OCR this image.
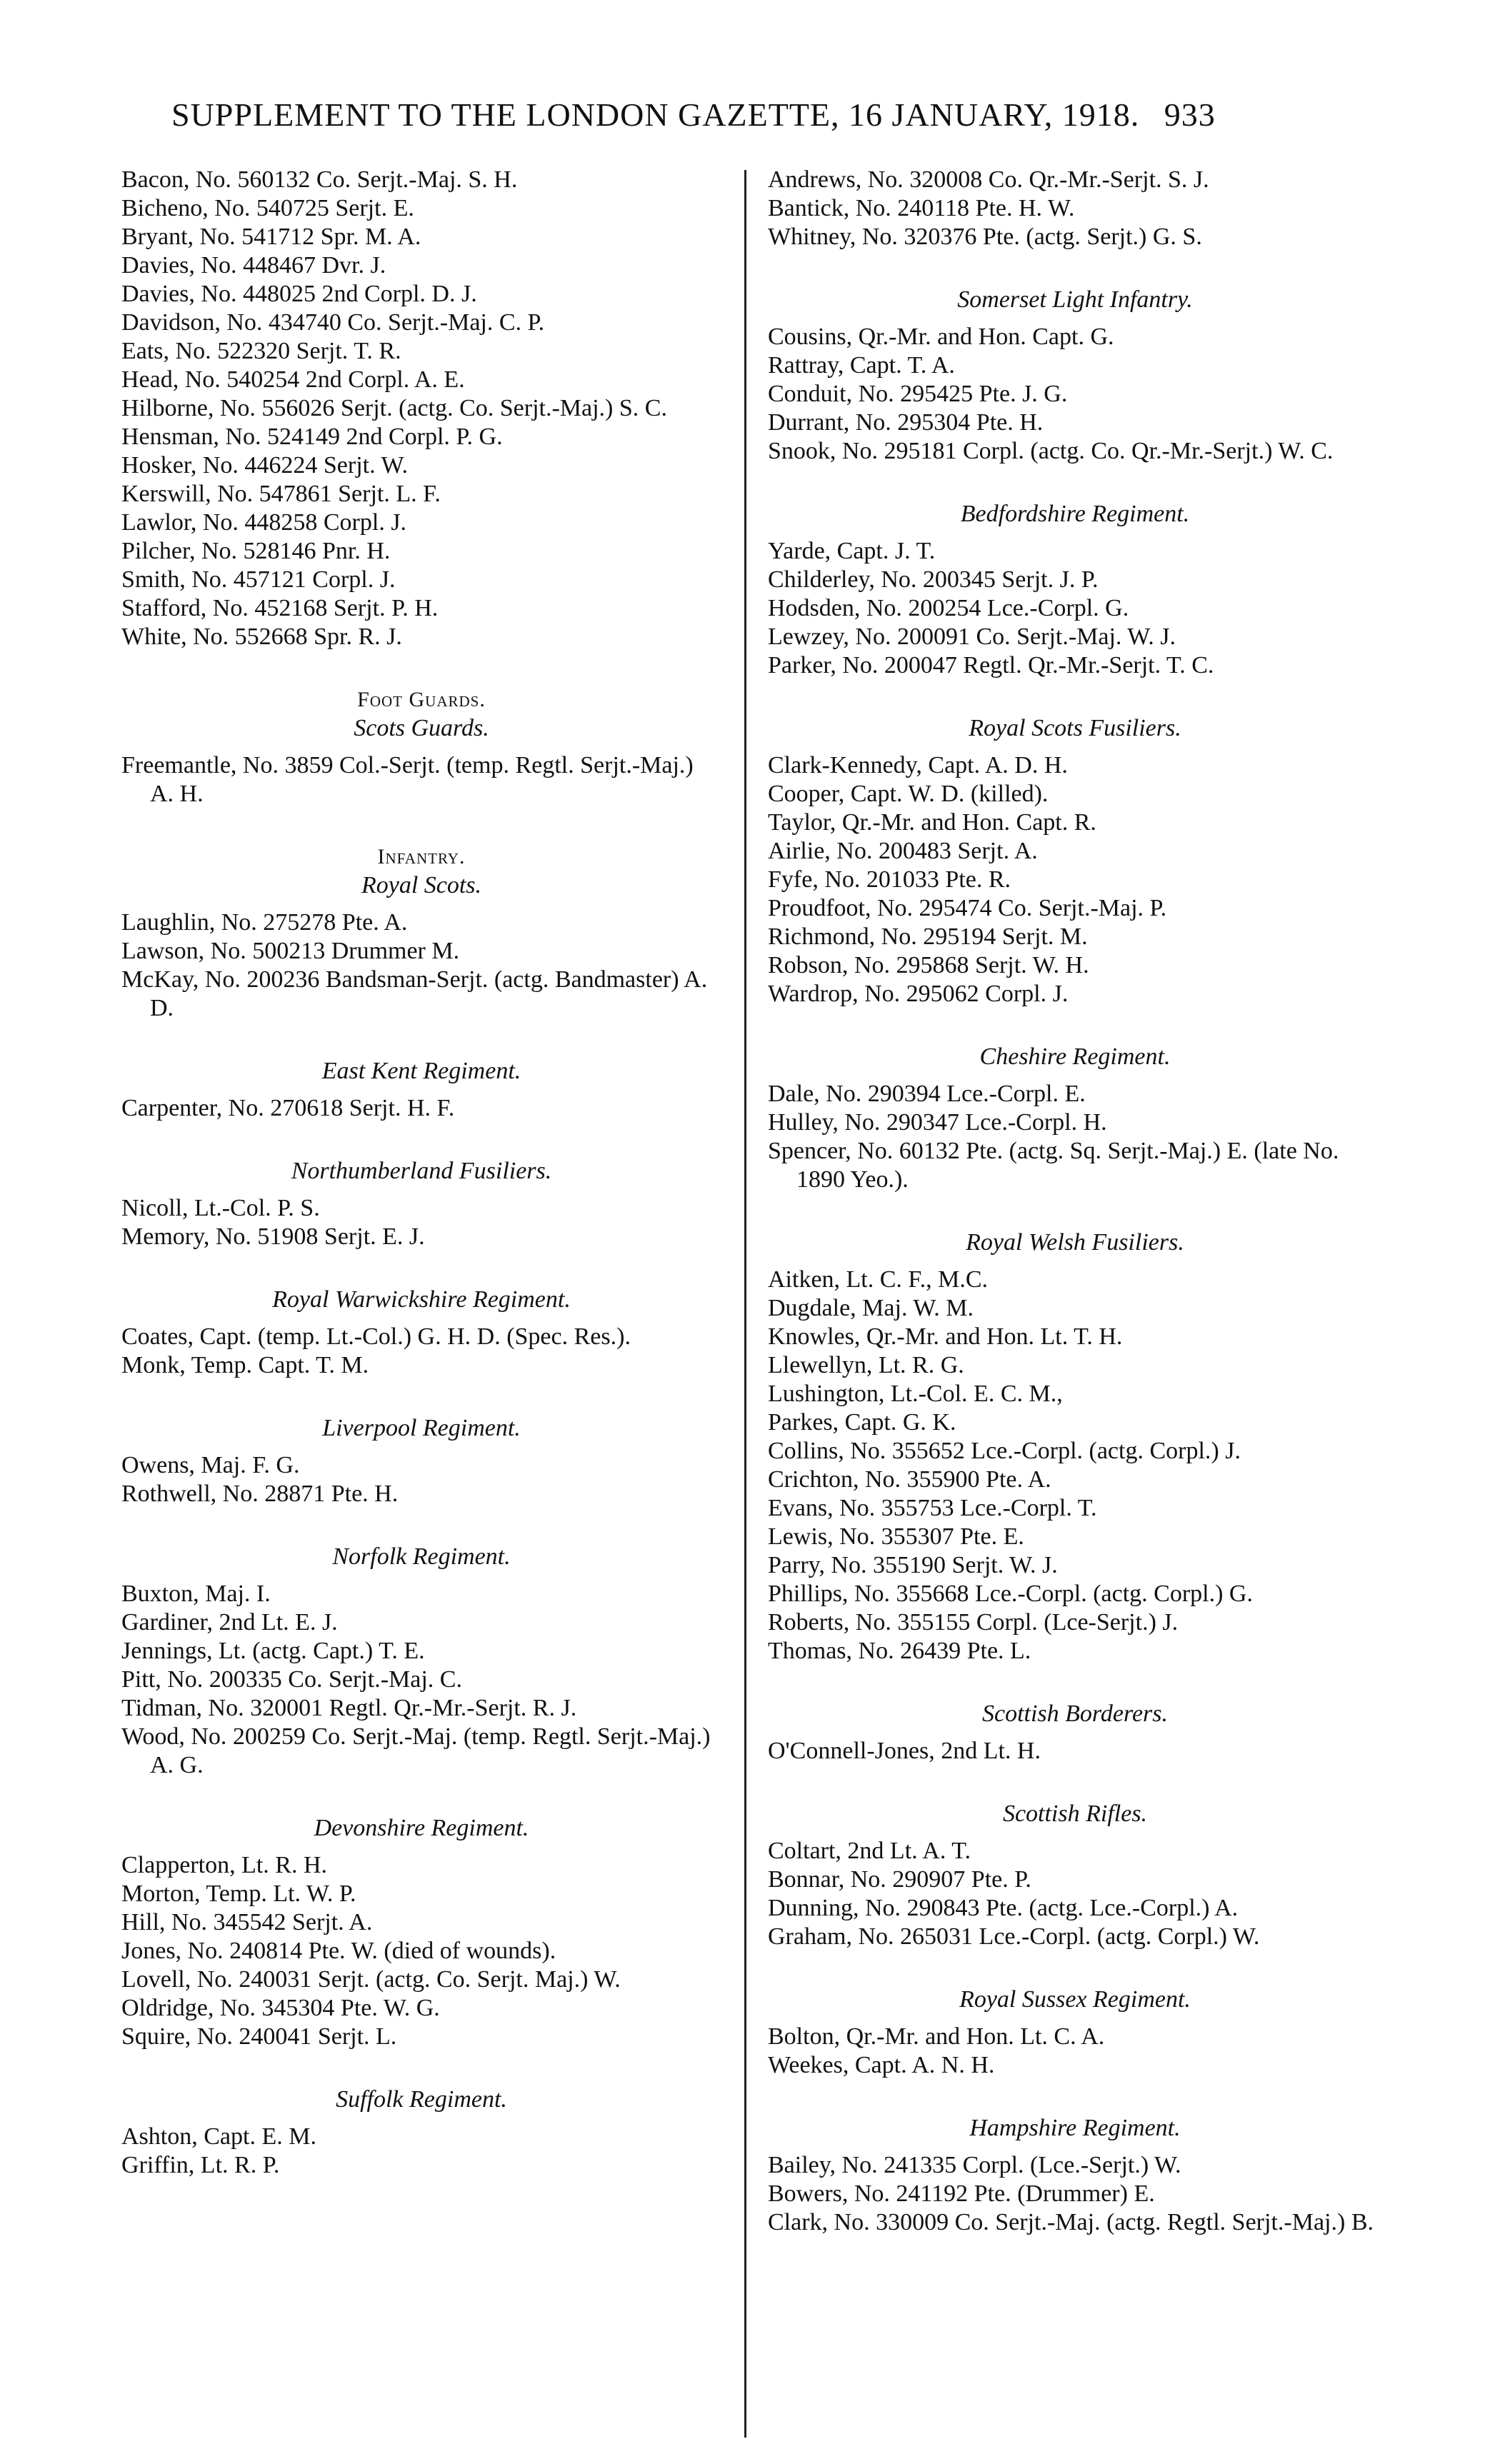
SUPPLEMENT TO THE LONDON GAZETTE, 16 JANUARY, 1918. 933
Bacon, No. 560132 Co. Serjt.-Maj. S. H.
Bicheno, No. 540725 Serjt. E.
Bryant, No. 541712 Spr. M. A.
Davies, No. 448467 Dvr. J.
Davies, No. 448025 2nd Corpl. D. J.
Davidson, No. 434740 Co. Serjt.-Maj. C. P.
Eats, No. 522320 Serjt. T. R.
Head, No. 540254 2nd Corpl. A. E.
Hilborne, No. 556026 Serjt. (actg. Co. Serjt.-Maj.) S. C.
Hensman, No. 524149 2nd Corpl. P. G.
Hosker, No. 446224 Serjt. W.
Kerswill, No. 547861 Serjt. L. F.
Lawlor, No. 448258 Corpl. J.
Pilcher, No. 528146 Pnr. H.
Smith, No. 457121 Corpl. J.
Stafford, No. 452168 Serjt. P. H.
White, No. 552668 Spr. R. J.
Foot Guards.
Scots Guards.
Freemantle, No. 3859 Col.-Serjt. (temp. Regtl. Serjt.-Maj.) A. H.
Infantry.
Royal Scots.
Laughlin, No. 275278 Pte. A.
Lawson, No. 500213 Drummer M.
McKay, No. 200236 Bandsman-Serjt. (actg. Bandmaster) A. D.
East Kent Regiment.
Carpenter, No. 270618 Serjt. H. F.
Northumberland Fusiliers.
Nicoll, Lt.-Col. P. S.
Memory, No. 51908 Serjt. E. J.
Royal Warwickshire Regiment.
Coates, Capt. (temp. Lt.-Col.) G. H. D. (Spec. Res.).
Monk, Temp. Capt. T. M.
Liverpool Regiment.
Owens, Maj. F. G.
Rothwell, No. 28871 Pte. H.
Norfolk Regiment.
Buxton, Maj. I.
Gardiner, 2nd Lt. E. J.
Jennings, Lt. (actg. Capt.) T. E.
Pitt, No. 200335 Co. Serjt.-Maj. C.
Tidman, No. 320001 Regtl. Qr.-Mr.-Serjt. R. J.
Wood, No. 200259 Co. Serjt.-Maj. (temp. Regtl. Serjt.-Maj.) A. G.
Devonshire Regiment.
Clapperton, Lt. R. H.
Morton, Temp. Lt. W. P.
Hill, No. 345542 Serjt. A.
Jones, No. 240814 Pte. W. (died of wounds).
Lovell, No. 240031 Serjt. (actg. Co. Serjt. Maj.) W.
Oldridge, No. 345304 Pte. W. G.
Squire, No. 240041 Serjt. L.
Suffolk Regiment.
Ashton, Capt. E. M.
Griffin, Lt. R. P.
Andrews, No. 320008 Co. Qr.-Mr.-Serjt. S. J.
Bantick, No. 240118 Pte. H. W.
Whitney, No. 320376 Pte. (actg. Serjt.) G. S.
Somerset Light Infantry.
Cousins, Qr.-Mr. and Hon. Capt. G.
Rattray, Capt. T. A.
Conduit, No. 295425 Pte. J. G.
Durrant, No. 295304 Pte. H.
Snook, No. 295181 Corpl. (actg. Co. Qr.-Mr.-Serjt.) W. C.
Bedfordshire Regiment.
Yarde, Capt. J. T.
Childerley, No. 200345 Serjt. J. P.
Hodsden, No. 200254 Lce.-Corpl. G.
Lewzey, No. 200091 Co. Serjt.-Maj. W. J.
Parker, No. 200047 Regtl. Qr.-Mr.-Serjt. T. C.
Royal Scots Fusiliers.
Clark-Kennedy, Capt. A. D. H.
Cooper, Capt. W. D. (killed).
Taylor, Qr.-Mr. and Hon. Capt. R.
Airlie, No. 200483 Serjt. A.
Fyfe, No. 201033 Pte. R.
Proudfoot, No. 295474 Co. Serjt.-Maj. P.
Richmond, No. 295194 Serjt. M.
Robson, No. 295868 Serjt. W. H.
Wardrop, No. 295062 Corpl. J.
Cheshire Regiment.
Dale, No. 290394 Lce.-Corpl. E.
Hulley, No. 290347 Lce.-Corpl. H.
Spencer, No. 60132 Pte. (actg. Sq. Serjt.-Maj.) E. (late No. 1890 Yeo.).
Royal Welsh Fusiliers.
Aitken, Lt. C. F., M.C.
Dugdale, Maj. W. M.
Knowles, Qr.-Mr. and Hon. Lt. T. H.
Llewellyn, Lt. R. G.
Lushington, Lt.-Col. E. C. M.,
Parkes, Capt. G. K.
Collins, No. 355652 Lce.-Corpl. (actg. Corpl.) J.
Crichton, No. 355900 Pte. A.
Evans, No. 355753 Lce.-Corpl. T.
Lewis, No. 355307 Pte. E.
Parry, No. 355190 Serjt. W. J.
Phillips, No. 355668 Lce.-Corpl. (actg. Corpl.) G.
Roberts, No. 355155 Corpl. (Lce-Serjt.) J.
Thomas, No. 26439 Pte. L.
Scottish Borderers.
O'Connell-Jones, 2nd Lt. H.
Scottish Rifles.
Coltart, 2nd Lt. A. T.
Bonnar, No. 290907 Pte. P.
Dunning, No. 290843 Pte. (actg. Lce.-Corpl.) A.
Graham, No. 265031 Lce.-Corpl. (actg. Corpl.) W.
Royal Sussex Regiment.
Bolton, Qr.-Mr. and Hon. Lt. C. A.
Weekes, Capt. A. N. H.
Hampshire Regiment.
Bailey, No. 241335 Corpl. (Lce.-Serjt.) W.
Bowers, No. 241192 Pte. (Drummer) E.
Clark, No. 330009 Co. Serjt.-Maj. (actg. Regtl. Serjt.-Maj.) B.
